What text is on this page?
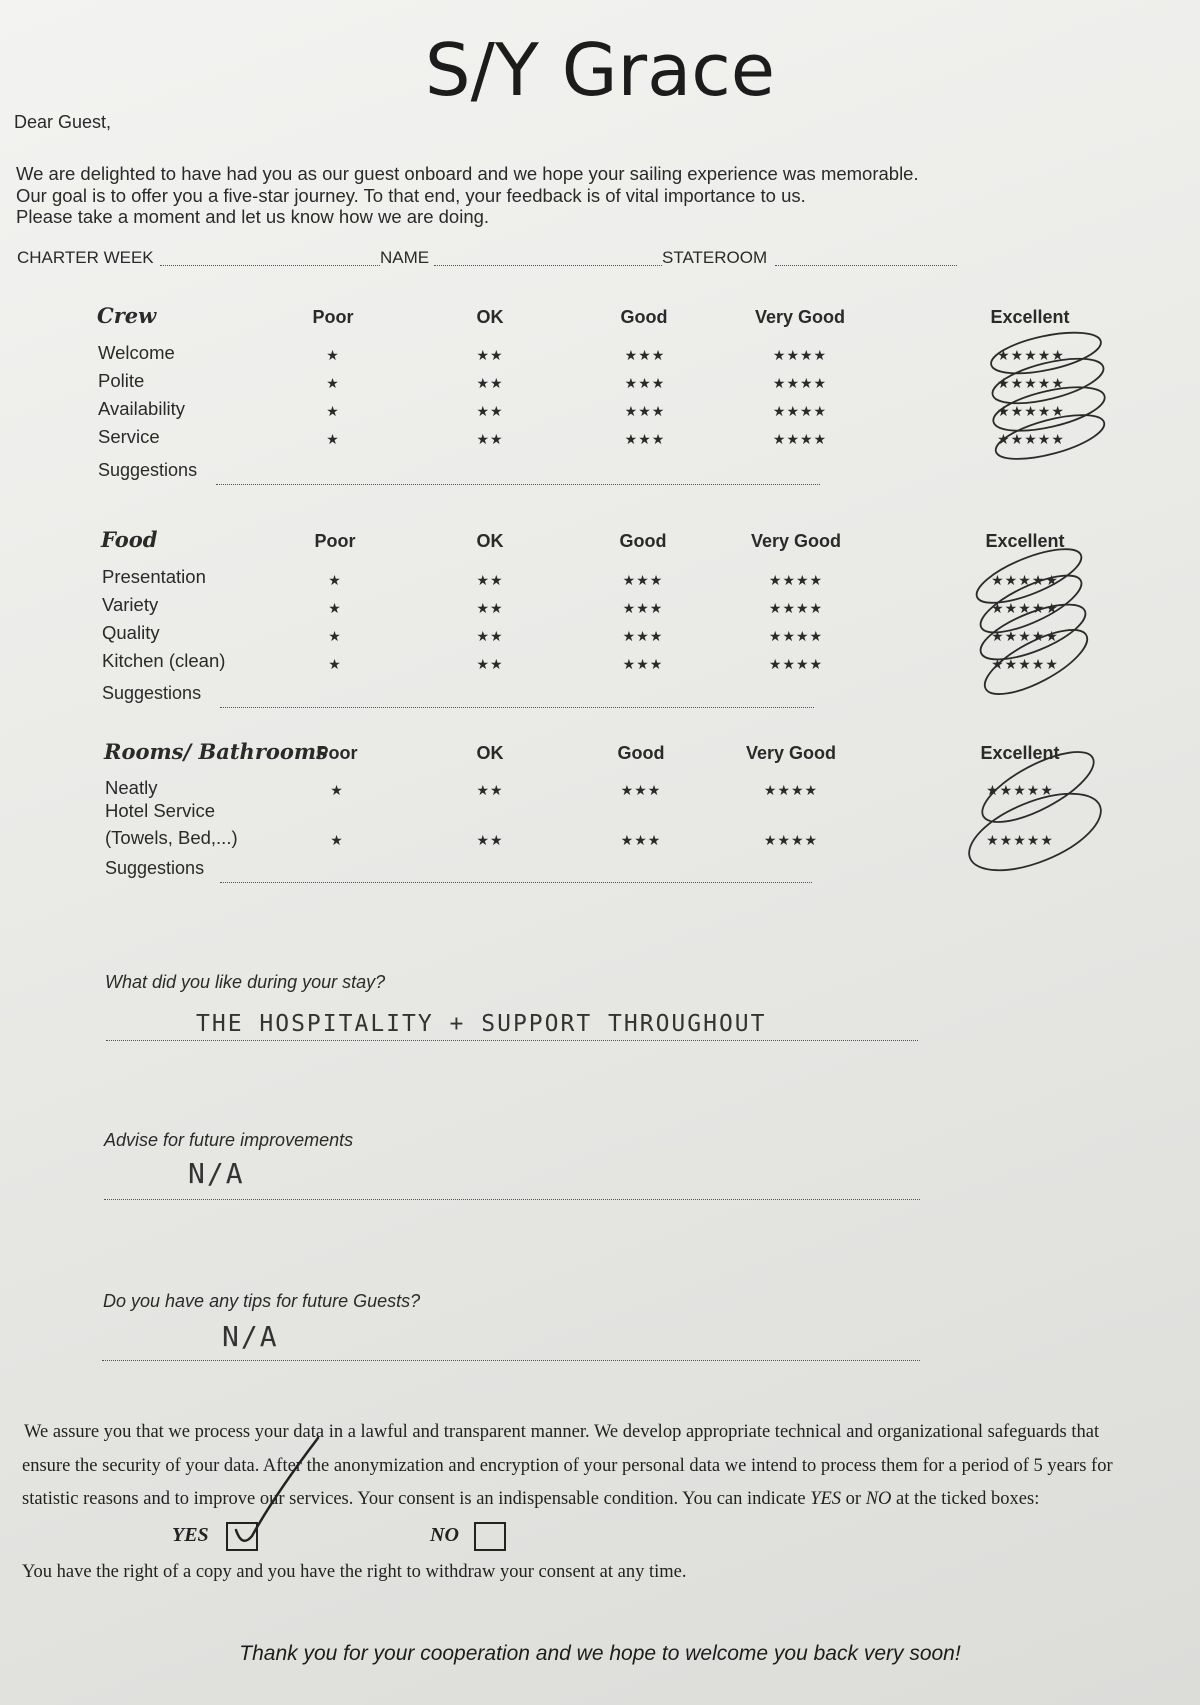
S/Y Grace
Dear Guest,
We are delighted to have had you as our guest onboard and we hope your sailing experience was memorable.
Our goal is to offer you a five-star journey. To that end, your feedback is of vital importance to us.
Please take a moment and let us know how we are doing.
CHARTER WEEK	NAME	STATEROOM
Crew	Poor	OK	Good	Very Good	Excellent
Welcome	★	★★	★★★	★★★★	★★★★★
Polite	★	★★	★★★	★★★★	★★★★★
Availability	★	★★	★★★	★★★★	★★★★★
Service	★	★★	★★★	★★★★	★★★★★
Suggestions
Food	Poor	OK	Good	Very Good	Excellent
Presentation	★	★★	★★★	★★★★	★★★★★
Variety	★	★★	★★★	★★★★	★★★★★
Quality	★	★★	★★★	★★★★	★★★★★
Kitchen (clean)	★	★★	★★★	★★★★	★★★★★
Suggestions
Rooms/ Bathrooms
Poor	OK	Good	Very Good	Excellent
Neatly	★	★★	★★★	★★★★	★★★★★
Hotel Service
(Towels, Bed,...)	★	★★	★★★	★★★★	★★★★★
Suggestions
What did you like during your stay?
THE HOSPITALITY + SUPPORT THROUGHOUT
Advise for future improvements
N/A
Do you have any tips for future Guests?
N/A
We assure you that we process your data in a lawful and transparent manner. We develop appropriate technical and organizational safeguards that
ensure the security of your data. After the anonymization and encryption of your personal data we intend to process them for a period of 5 years for
statistic reasons and to improve our services. Your consent is an indispensable condition. You can indicate YES or NO at the ticked boxes:
YES	NO
You have the right of a copy and you have the right to withdraw your consent at any time.
Thank you for your cooperation and we hope to welcome you back very soon!
